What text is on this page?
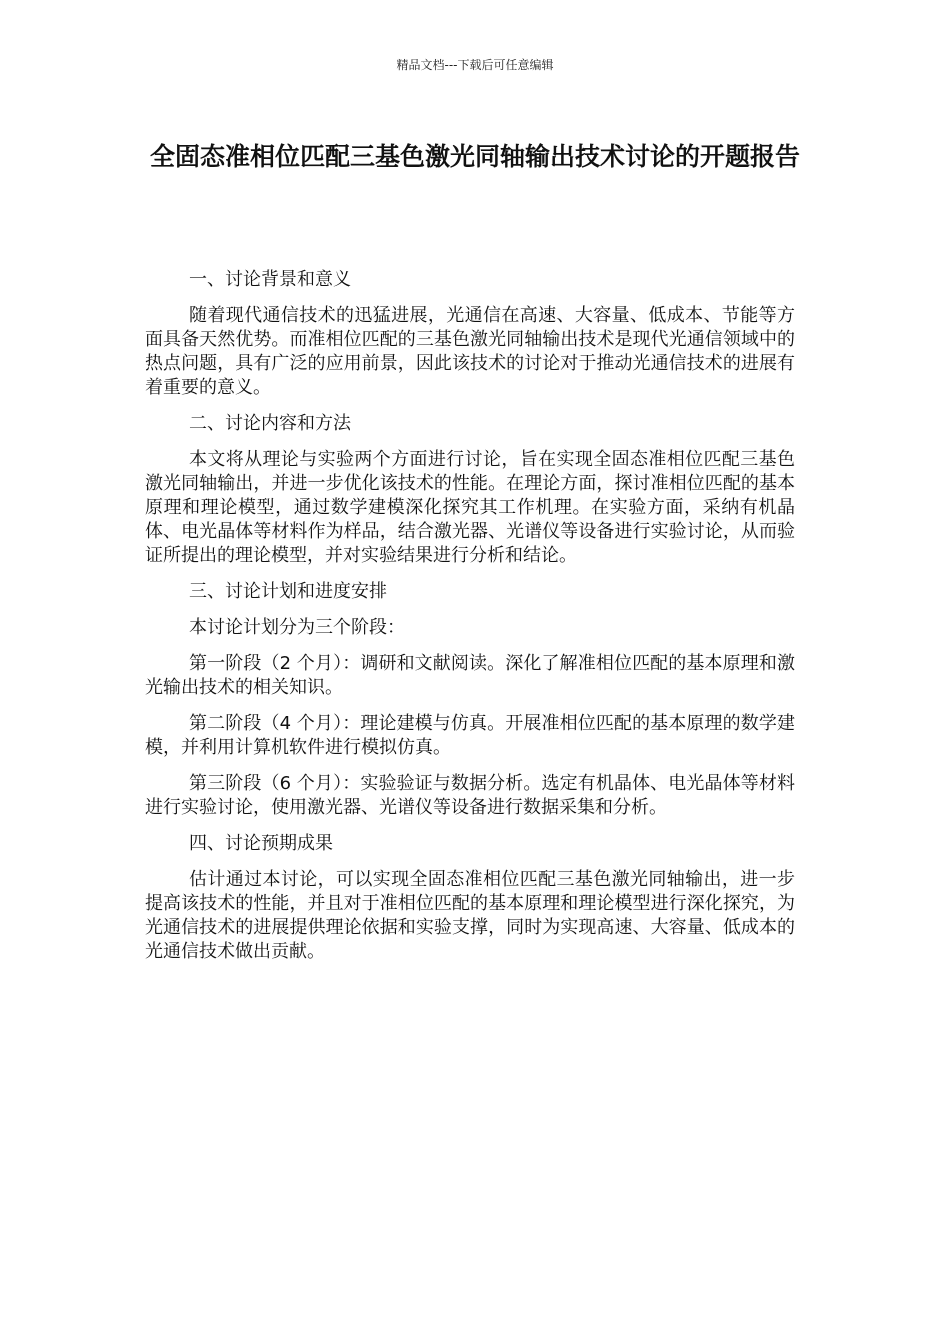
精品文档---下载后可任意编辑
全固态准相位匹配三基色激光同轴输出技术讨论的开题报告

一、讨论背景和意义

随着现代通信技术的迅猛进展，光通信在高速、大容量、低成本、节能等方面具备天然优势。而准相位匹配的三基色激光同轴输出技术是现代光通信领域中的热点问题，具有广泛的应用前景，因此该技术的讨论对于推动光通信技术的进展有着重要的意义。

二、讨论内容和方法

本文将从理论与实验两个方面进行讨论，旨在实现全固态准相位匹配三基色激光同轴输出，并进一步优化该技术的性能。在理论方面，探讨准相位匹配的基本原理和理论模型，通过数学建模深化探究其工作机理。在实验方面，采纳有机晶体、电光晶体等材料作为样品，结合激光器、光谱仪等设备进行实验讨论，从而验证所提出的理论模型，并对实验结果进行分析和结论。

三、讨论计划和进度安排

本讨论计划分为三个阶段：

第一阶段（2 个月）：调研和文献阅读。深化了解准相位匹配的基本原理和激光输出技术的相关知识。

第二阶段（4 个月）：理论建模与仿真。开展准相位匹配的基本原理的数学建模，并利用计算机软件进行模拟仿真。

第三阶段（6 个月）：实验验证与数据分析。选定有机晶体、电光晶体等材料进行实验讨论，使用激光器、光谱仪等设备进行数据采集和分析。

四、讨论预期成果

估计通过本讨论，可以实现全固态准相位匹配三基色激光同轴输出，进一步提高该技术的性能，并且对于准相位匹配的基本原理和理论模型进行深化探究，为光通信技术的进展提供理论依据和实验支撑，同时为实现高速、大容量、低成本的光通信技术做出贡献。
